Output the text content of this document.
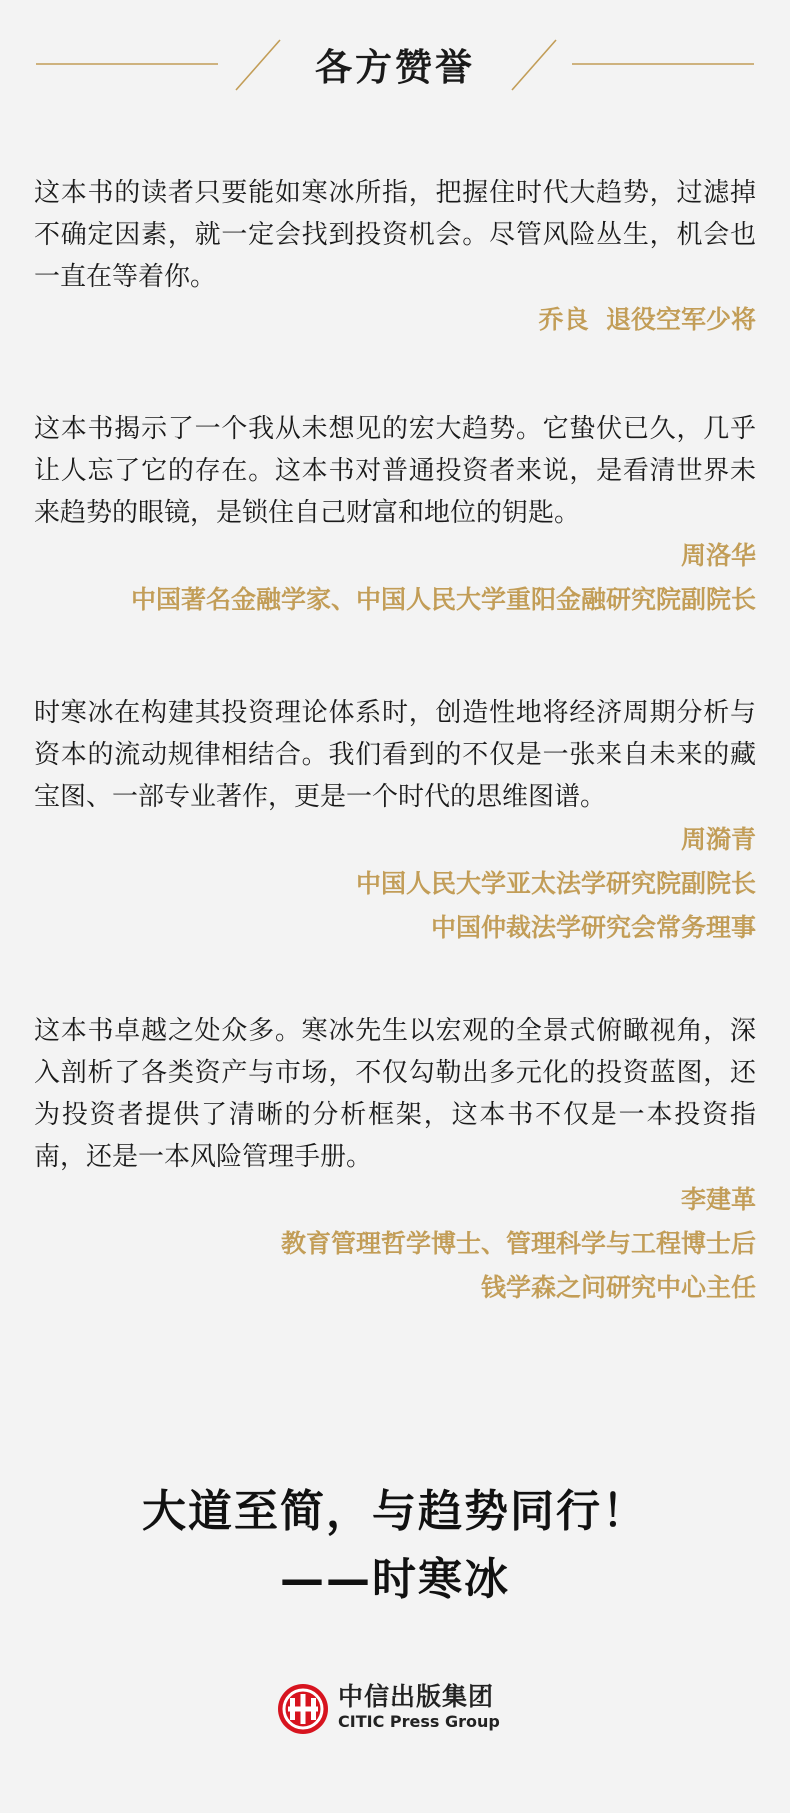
各方赞誉

这本书的读者只要能如寒冰所指，把握住时代大趋势，过滤掉不确定因素，就一定会找到投资机会。尽管风险丛生，机会也一直在等着你。

乔良  退役空军少将

这本书揭示了一个我从未想见的宏大趋势。它蛰伏已久，几乎让人忘了它的存在。这本书对普通投资者来说，是看清世界未来趋势的眼镜，是锁住自己财富和地位的钥匙。

周洛华
中国著名金融学家、中国人民大学重阳金融研究院副院长

时寒冰在构建其投资理论体系时，创造性地将经济周期分析与资本的流动规律相结合。我们看到的不仅是一张来自未来的藏宝图、一部专业著作，更是一个时代的思维图谱。

周漪青
中国人民大学亚太法学研究院副院长
中国仲裁法学研究会常务理事

这本书卓越之处众多。寒冰先生以宏观的全景式俯瞰视角，深入剖析了各类资产与市场，不仅勾勒出多元化的投资蓝图，还为投资者提供了清晰的分析框架，这本书不仅是一本投资指南，还是一本风险管理手册。

李建革
教育管理哲学博士、管理科学与工程博士后
钱学森之问研究中心主任
大道至简，与趋势同行！
——时寒冰
中信出版集团
CITIC Press Group
